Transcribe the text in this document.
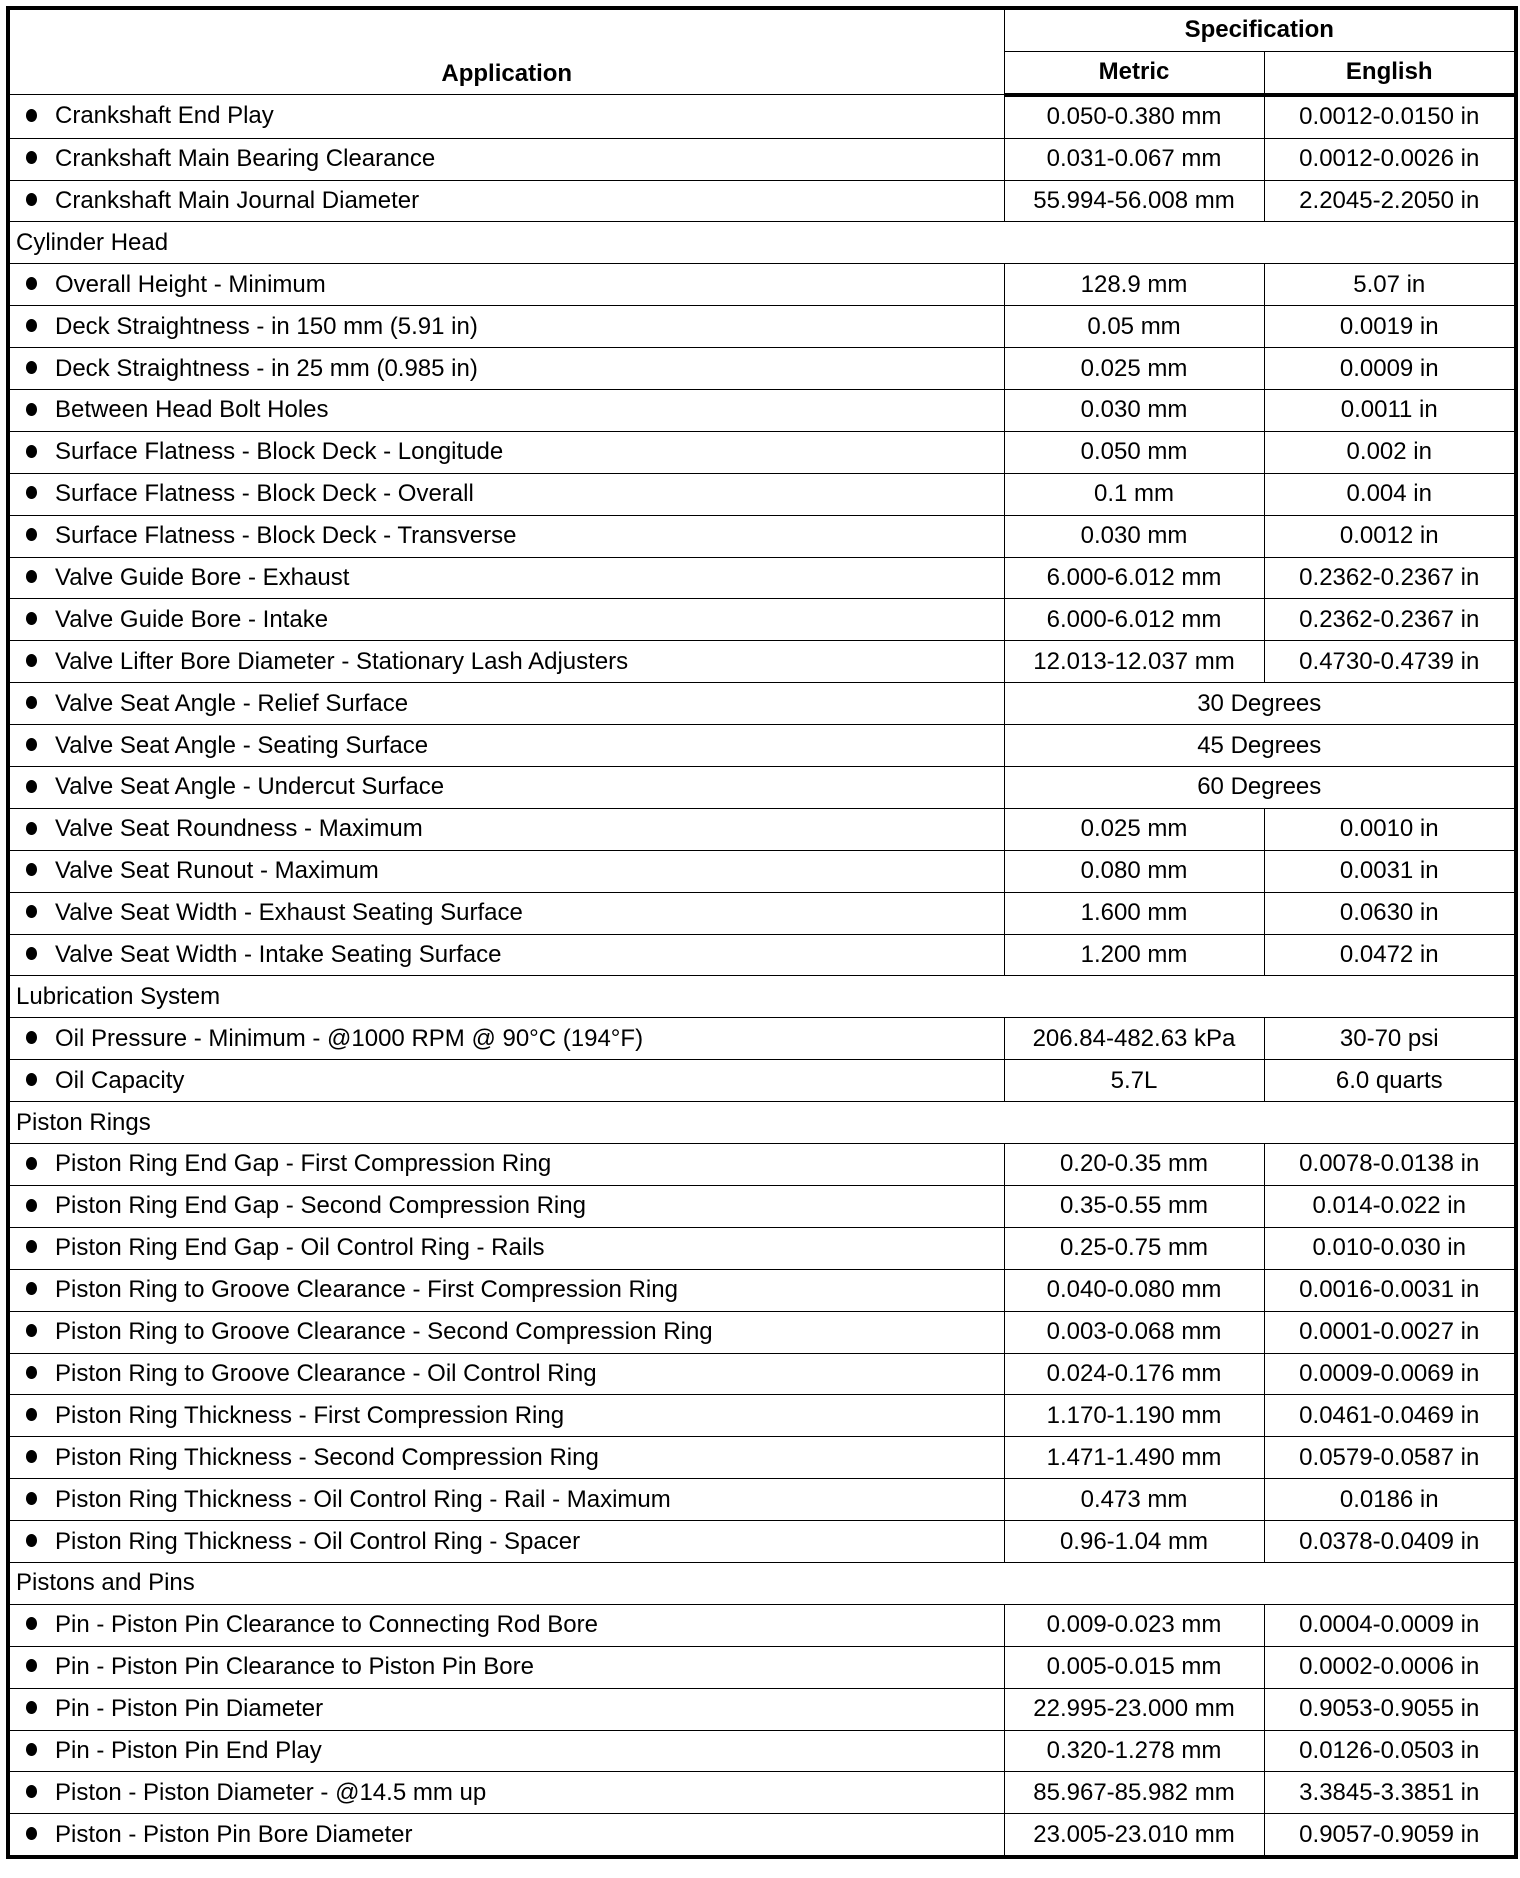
Application	Specification	
	Metric	English
Crankshaft End Play	0.050-0.380 mm	0.0012-0.0150 in
Crankshaft Main Bearing Clearance	0.031-0.067 mm	0.0012-0.0026 in
Crankshaft Main Journal Diameter	55.994-56.008 mm	2.2045-2.2050 in
Cylinder Head		
Overall Height - Minimum	128.9 mm	5.07 in
Deck Straightness - in 150 mm (5.91 in)	0.05 mm	0.0019 in
Deck Straightness - in 25 mm (0.985 in)	0.025 mm	0.0009 in
Between Head Bolt Holes	0.030 mm	0.0011 in
Surface Flatness - Block Deck - Longitude	0.050 mm	0.002 in
Surface Flatness - Block Deck - Overall	0.1 mm	0.004 in
Surface Flatness - Block Deck - Transverse	0.030 mm	0.0012 in
Valve Guide Bore - Exhaust	6.000-6.012 mm	0.2362-0.2367 in
Valve Guide Bore - Intake	6.000-6.012 mm	0.2362-0.2367 in
Valve Lifter Bore Diameter - Stationary Lash Adjusters	12.013-12.037 mm	0.4730-0.4739 in
Valve Seat Angle - Relief Surface	30 Degrees	
Valve Seat Angle - Seating Surface	45 Degrees	
Valve Seat Angle - Undercut Surface	60 Degrees	
Valve Seat Roundness - Maximum	0.025 mm	0.0010 in
Valve Seat Runout - Maximum	0.080 mm	0.0031 in
Valve Seat Width - Exhaust Seating Surface	1.600 mm	0.0630 in
Valve Seat Width - Intake Seating Surface	1.200 mm	0.0472 in
Lubrication System		
Oil Pressure - Minimum - @1000 RPM @ 90°C (194°F)	206.84-482.63 kPa	30-70 psi
Oil Capacity	5.7L	6.0 quarts
Piston Rings		
Piston Ring End Gap - First Compression Ring	0.20-0.35 mm	0.0078-0.0138 in
Piston Ring End Gap - Second Compression Ring	0.35-0.55 mm	0.014-0.022 in
Piston Ring End Gap - Oil Control Ring - Rails	0.25-0.75 mm	0.010-0.030 in
Piston Ring to Groove Clearance - First Compression Ring	0.040-0.080 mm	0.0016-0.0031 in
Piston Ring to Groove Clearance - Second Compression Ring	0.003-0.068 mm	0.0001-0.0027 in
Piston Ring to Groove Clearance - Oil Control Ring	0.024-0.176 mm	0.0009-0.0069 in
Piston Ring Thickness - First Compression Ring	1.170-1.190 mm	0.0461-0.0469 in
Piston Ring Thickness - Second Compression Ring	1.471-1.490 mm	0.0579-0.0587 in
Piston Ring Thickness - Oil Control Ring - Rail - Maximum	0.473 mm	0.0186 in
Piston Ring Thickness - Oil Control Ring - Spacer	0.96-1.04 mm	0.0378-0.0409 in
Pistons and Pins		
Pin - Piston Pin Clearance to Connecting Rod Bore	0.009-0.023 mm	0.0004-0.0009 in
Pin - Piston Pin Clearance to Piston Pin Bore	0.005-0.015 mm	0.0002-0.0006 in
Pin - Piston Pin Diameter	22.995-23.000 mm	0.9053-0.9055 in
Pin - Piston Pin End Play	0.320-1.278 mm	0.0126-0.0503 in
Piston - Piston Diameter - @14.5 mm up	85.967-85.982 mm	3.3845-3.3851 in
Piston - Piston Pin Bore Diameter	23.005-23.010 mm	0.9057-0.9059 in
